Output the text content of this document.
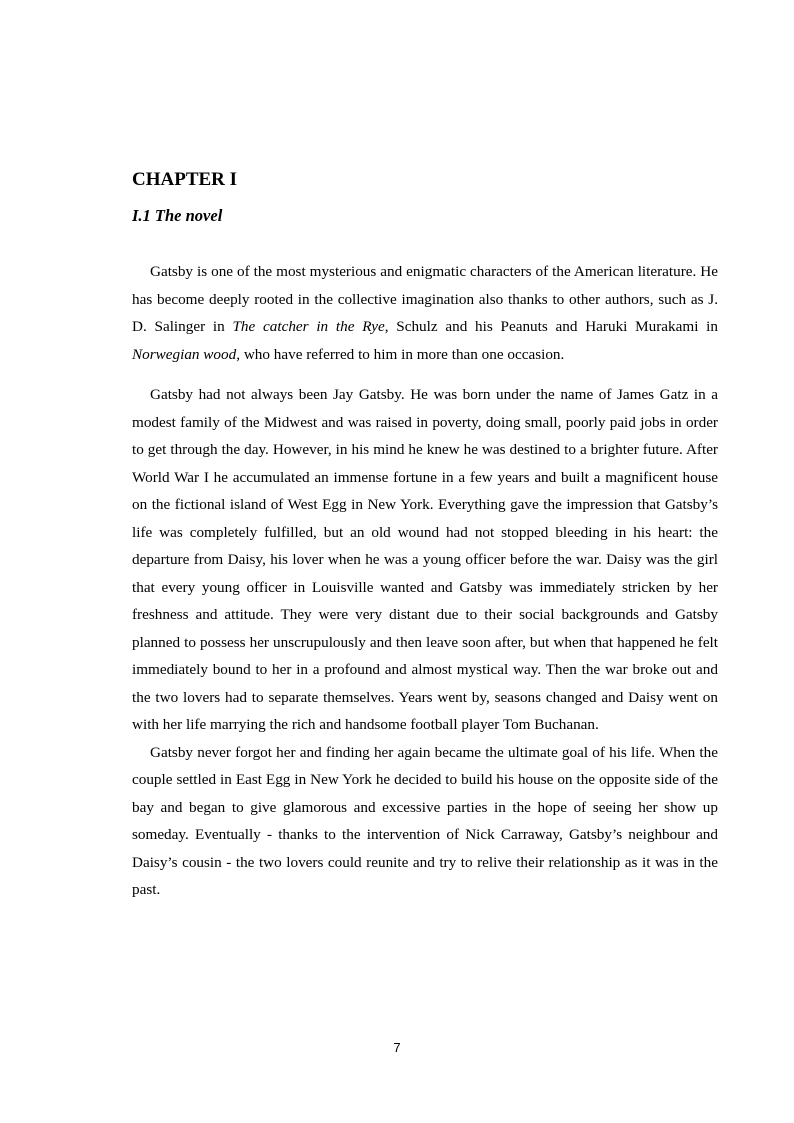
CHAPTER I
I.1 The novel

Gatsby is one of the most mysterious and enigmatic characters of the American literature. He has become deeply rooted in the collective imagination also thanks to other authors, such as J. D. Salinger in The catcher in the Rye, Schulz and his Peanuts and Haruki Murakami in Norwegian wood, who have referred to him in more than one occasion.

Gatsby had not always been Jay Gatsby. He was born under the name of James Gatz in a modest family of the Midwest and was raised in poverty, doing small, poorly paid jobs in order to get through the day. However, in his mind he knew he was destined to a brighter future. After World War I he accumulated an immense fortune in a few years and built a magnificent house on the fictional island of West Egg in New York. Everything gave the impression that Gatsby’s life was completely fulfilled, but an old wound had not stopped bleeding in his heart: the departure from Daisy, his lover when he was a young officer before the war. Daisy was the girl that every young officer in Louisville wanted and Gatsby was immediately stricken by her freshness and attitude. They were very distant due to their social backgrounds and Gatsby planned to possess her unscrupulously and then leave soon after, but when that happened he felt immediately bound to her in a profound and almost mystical way. Then the war broke out and the two lovers had to separate themselves. Years went by, seasons changed and Daisy went on with her life marrying the rich and handsome football player Tom Buchanan.

Gatsby never forgot her and finding her again became the ultimate goal of his life. When the couple settled in East Egg in New York he decided to build his house on the opposite side of the bay and began to give glamorous and excessive parties in the hope of seeing her show up someday. Eventually - thanks to the intervention of Nick Carraway, Gatsby’s neighbour and Daisy’s cousin - the two lovers could reunite and try to relive their relationship as it was in the past.

7
